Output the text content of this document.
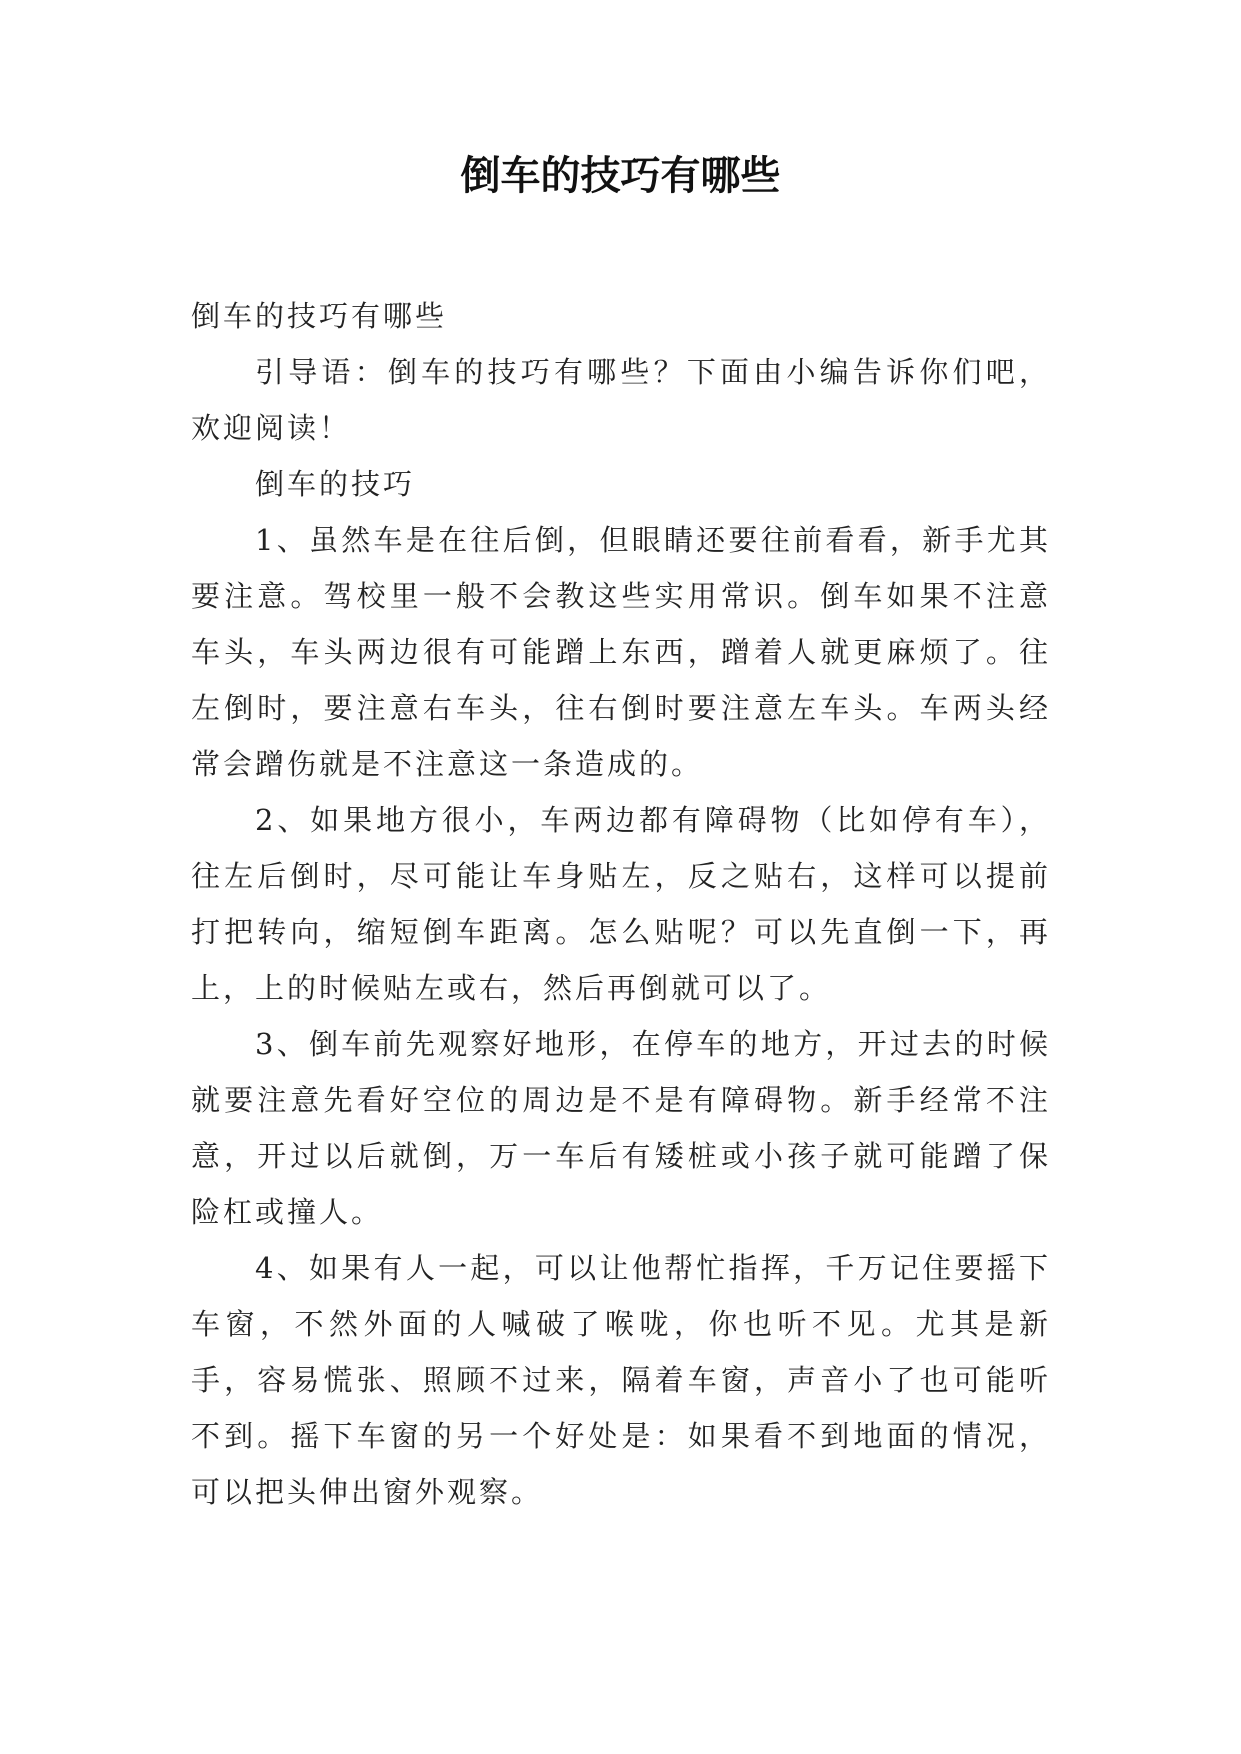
倒车的技巧有哪些

倒车的技巧有哪些

引导语：倒车的技巧有哪些？下面由小编告诉你们吧，欢迎阅读！

倒车的技巧

1、虽然车是在往后倒，但眼睛还要往前看看，新手尤其要注意。驾校里一般不会教这些实用常识。倒车如果不注意车头，车头两边很有可能蹭上东西，蹭着人就更麻烦了。往左倒时，要注意右车头，往右倒时要注意左车头。车两头经常会蹭伤就是不注意这一条造成的。

2、如果地方很小，车两边都有障碍物（比如停有车），往左后倒时，尽可能让车身贴左，反之贴右，这样可以提前打把转向，缩短倒车距离。怎么贴呢？可以先直倒一下，再上，上的时候贴左或右，然后再倒就可以了。

3、倒车前先观察好地形，在停车的地方，开过去的时候就要注意先看好空位的周边是不是有障碍物。新手经常不注意，开过以后就倒，万一车后有矮桩或小孩子就可能蹭了保险杠或撞人。

4、如果有人一起，可以让他帮忙指挥，千万记住要摇下车窗，不然外面的人喊破了喉咙，你也听不见。尤其是新手，容易慌张、照顾不过来，隔着车窗，声音小了也可能听不到。摇下车窗的另一个好处是：如果看不到地面的情况，可以把头伸出窗外观察。
